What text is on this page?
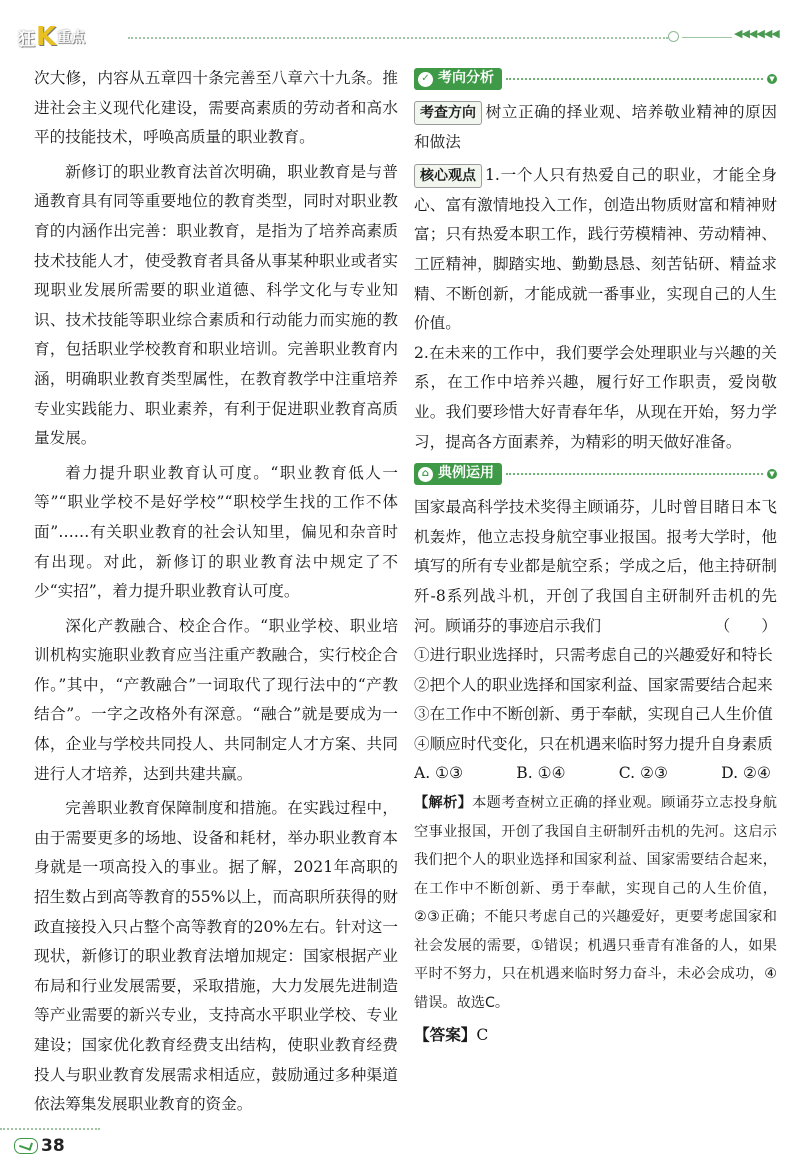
狂 K 重点	◀◀◀◀◀◀

次大修，内容从五章四十条完善至八章六十九条。推进社会主义现代化建设，需要高素质的劳动者和高水平的技能技术，呼唤高质量的职业教育。

新修订的职业教育法首次明确，职业教育是与普通教育具有同等重要地位的教育类型，同时对职业教育的内涵作出完善：职业教育，是指为了培养高素质技术技能人才，使受教育者具备从事某种职业或者实现职业发展所需要的职业道德、科学文化与专业知识、技术技能等职业综合素质和行动能力而实施的教育，包括职业学校教育和职业培训。完善职业教育内涵，明确职业教育类型属性，在教育教学中注重培养专业实践能力、职业素养，有利于促进职业教育高质量发展。

着力提升职业教育认可度。“职业教育低人一等”“职业学校不是好学校”“职校学生找的工作不体面”……有关职业教育的社会认知里，偏见和杂音时有出现。对此，新修订的职业教育法中规定了不少“实招”，着力提升职业教育认可度。

深化产教融合、校企合作。“职业学校、职业培训机构实施职业教育应当注重产教融合，实行校企合作。”其中，“产教融合”一词取代了现行法中的“产教结合”。一字之改格外有深意。“融合”就是要成为一体，企业与学校共同投人、共同制定人才方案、共同进行人才培养，达到共建共赢。

完善职业教育保障制度和措施。在实践过程中，由于需要更多的场地、设备和耗材，举办职业教育本身就是一项高投入的事业。据了解，2021年高职的招生数占到高等教育的55%以上，而高职所获得的财政直接投入只占整个高等教育的20%左右。针对这一现状，新修订的职业教育法增加规定：国家根据产业布局和行业发展需要，采取措施，大力发展先进制造等产业需要的新兴专业，支持高水平职业学校、专业建设；国家优化教育经费支出结构，使职业教育经费投人与职业教育发展需求相适应，鼓励通过多种渠道依法筹集发展职业教育的资金。

✓ 考向分析	▼

考查方向 树立正确的择业观、培养敬业精神的原因和做法

核心观点 1.一个人只有热爱自己的职业，才能全身心、富有激情地投入工作，创造出物质财富和精神财富；只有热爱本职工作，践行劳模精神、劳动精神、工匠精神，脚踏实地、勤勤恳恳、刻苦钻研、精益求精、不断创新，才能成就一番事业，实现自己的人生价值。

2.在未来的工作中，我们要学会处理职业与兴趣的关系，在工作中培养兴趣，履行好工作职责，爱岗敬业。我们要珍惜大好青春年华，从现在开始，努力学习，提高各方面素养，为精彩的明天做好准备。

⌂ 典例运用	▼

国家最高科学技术奖得主顾诵芬，儿时曾目睹日本飞机轰炸，他立志投身航空事业报国。报考大学时，他填写的所有专业都是航空系；学成之后，他主持研制歼-8系列战斗机，开创了我国自主研制歼击机的先河。顾诵芬的事迹启示我们	（　　）

①进行职业选择时，只需考虑自己的兴趣爱好和特长

②把个人的职业选择和国家利益、国家需要结合起来

③在工作中不断创新、勇于奉献，实现自己人生价值

④顺应时代变化，只在机遇来临时努力提升自身素质

A. ①③	B. ①④	C. ②③	D. ②④

【解析】本题考查树立正确的择业观。顾诵芬立志投身航空事业报国，开创了我国自主研制歼击机的先河。这启示我们把个人的职业选择和国家利益、国家需要结合起来，在工作中不断创新、勇于奉献，实现自己的人生价值，②③正确；不能只考虑自己的兴趣爱好，更要考虑国家和社会发展的需要，①错误；机遇只垂青有准备的人，如果平时不努力，只在机遇来临时努力奋斗，未必会成功，④错误。故选C。

【答案】C

38
